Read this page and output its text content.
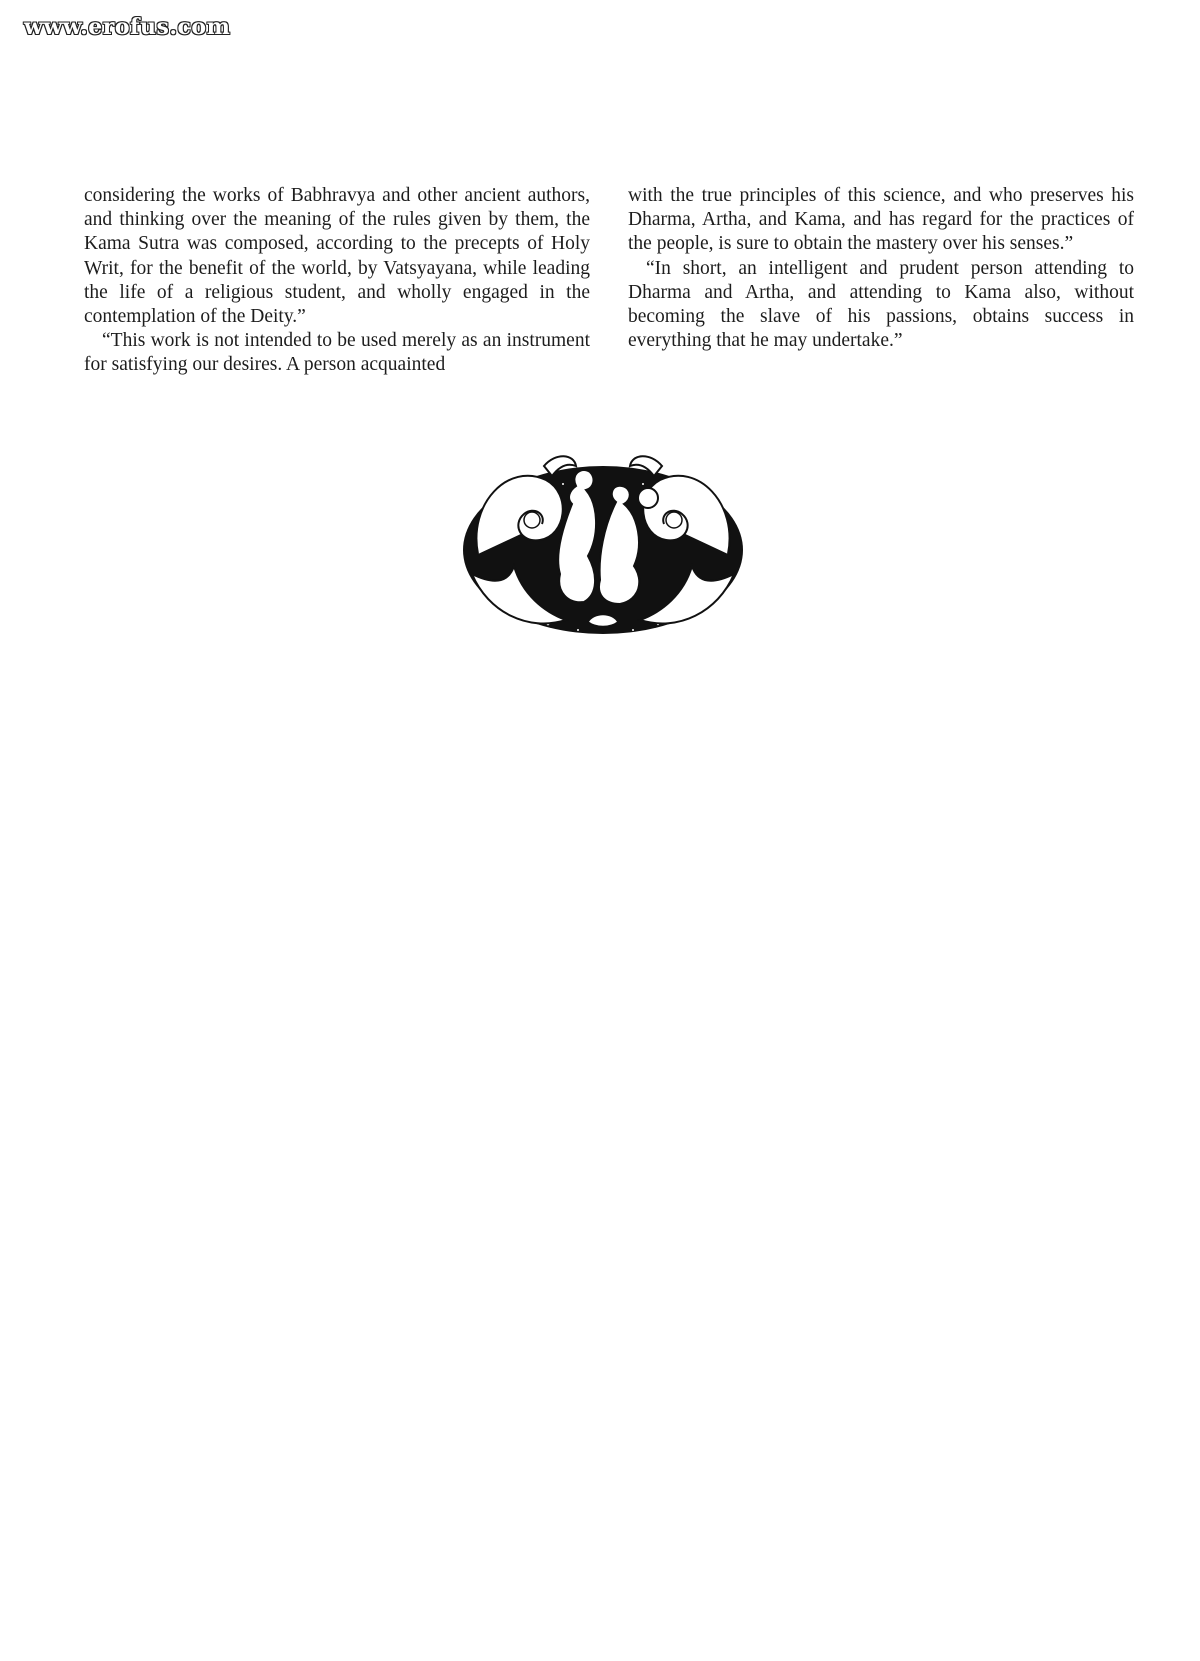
www.erofus.com

considering the works of Babhravya and other ancient authors, and thinking over the meaning of the rules given by them, the Kama Sutra was composed, according to the precepts of Holy Writ, for the benefit of the world, by Vatsyayana, while leading the life of a religious student, and wholly engaged in the contemplation of the Deity.”

“This work is not intended to be used merely as an instrument for satisfying our desires. A person acquainted

with the true principles of this science, and who preserves his Dharma, Artha, and Kama, and has regard for the practices of the people, is sure to obtain the mastery over his senses.”

“In short, an intelligent and prudent person attending to Dharma and Artha, and attending to Kama also, without becoming the slave of his passions, obtains success in everything that he may undertake.”
